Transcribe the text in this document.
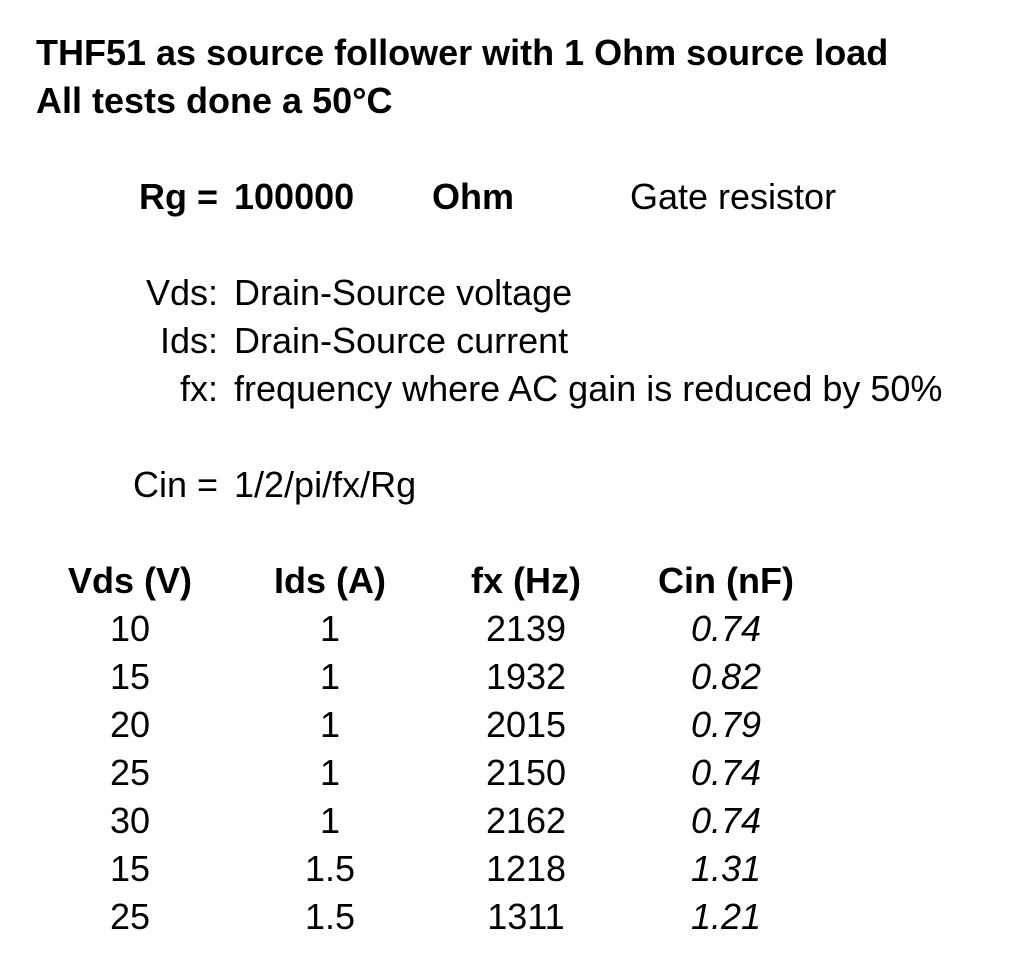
THF51 as source follower with 1 Ohm source load
All tests done a 50°C
Rg = 100000 Ohm	Gate resistor
Vds: Drain-Source voltage
Ids: Drain-Source current
fx: frequency where AC gain is reduced by 50%
Cin = 1/2/pi/fx/Rg
Vds (V)	Ids (A)	fx (Hz)	Cin (nF)
10	1	2139	0.74
15	1	1932	0.82
20	1	2015	0.79
25	1	2150	0.74
30	1	2162	0.74
15	1.5	1218	1.31
25	1.5	1311	1.21
